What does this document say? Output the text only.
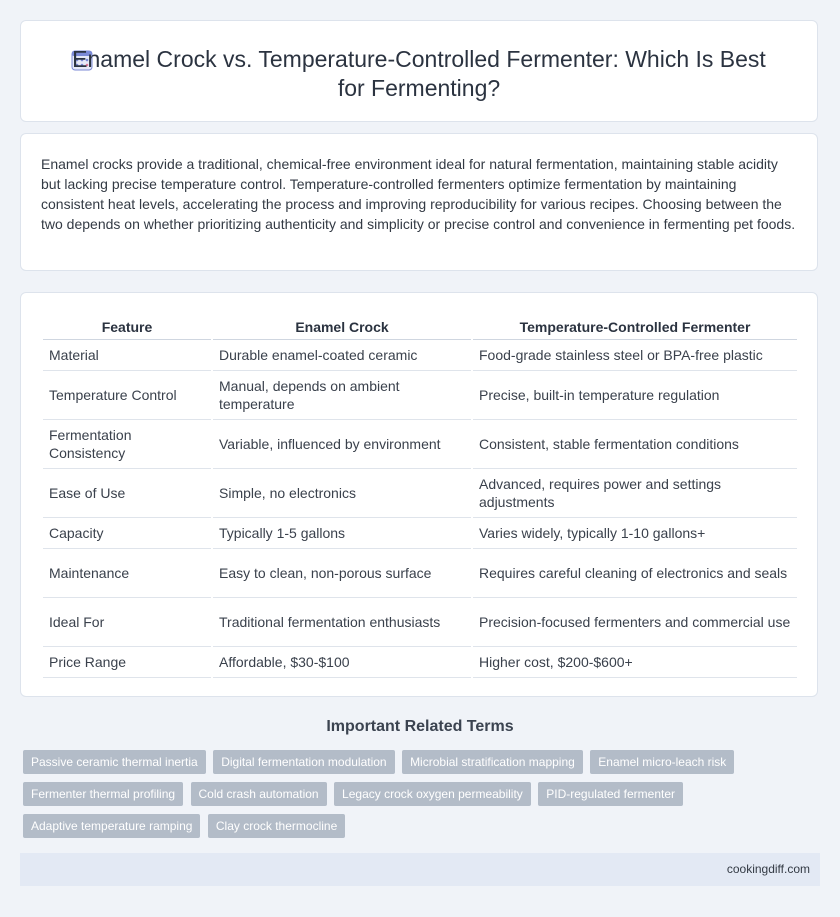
Enamel Crock vs. Temperature-Controlled Fermenter: Which Is Best for Fermenting?

Enamel crocks provide a traditional, chemical-free environment ideal for natural fermentation, maintaining stable acidity but lacking precise temperature control. Temperature-controlled fermenters optimize fermentation by maintaining consistent heat levels, accelerating the process and improving reproducibility for various recipes. Choosing between the two depends on whether prioritizing authenticity and simplicity or precise control and convenience in fermenting pet foods.

Feature	Enamel Crock	Temperature-Controlled Fermenter
Material	Durable enamel-coated ceramic	Food-grade stainless steel or BPA-free plastic
Temperature Control	Manual, depends on ambient temperature	Precise, built-in temperature regulation
Fermentation Consistency	Variable, influenced by environment	Consistent, stable fermentation conditions
Ease of Use	Simple, no electronics	Advanced, requires power and settings adjustments
Capacity	Typically 1-5 gallons	Varies widely, typically 1-10 gallons+
Maintenance	Easy to clean, non-porous surface	Requires careful cleaning of electronics and seals
Ideal For	Traditional fermentation enthusiasts	Precision-focused fermenters and commercial use
Price Range	Affordable, $30-$100	Higher cost, $200-$600+
Important Related Terms
Passive ceramic thermal inertia Digital fermentation modulation Microbial stratification mapping Enamel micro-leach risk Fermenter thermal profiling Cold crash automation Legacy crock oxygen permeability PID-regulated fermenter Adaptive temperature ramping Clay crock thermocline
cookingdiff.com
